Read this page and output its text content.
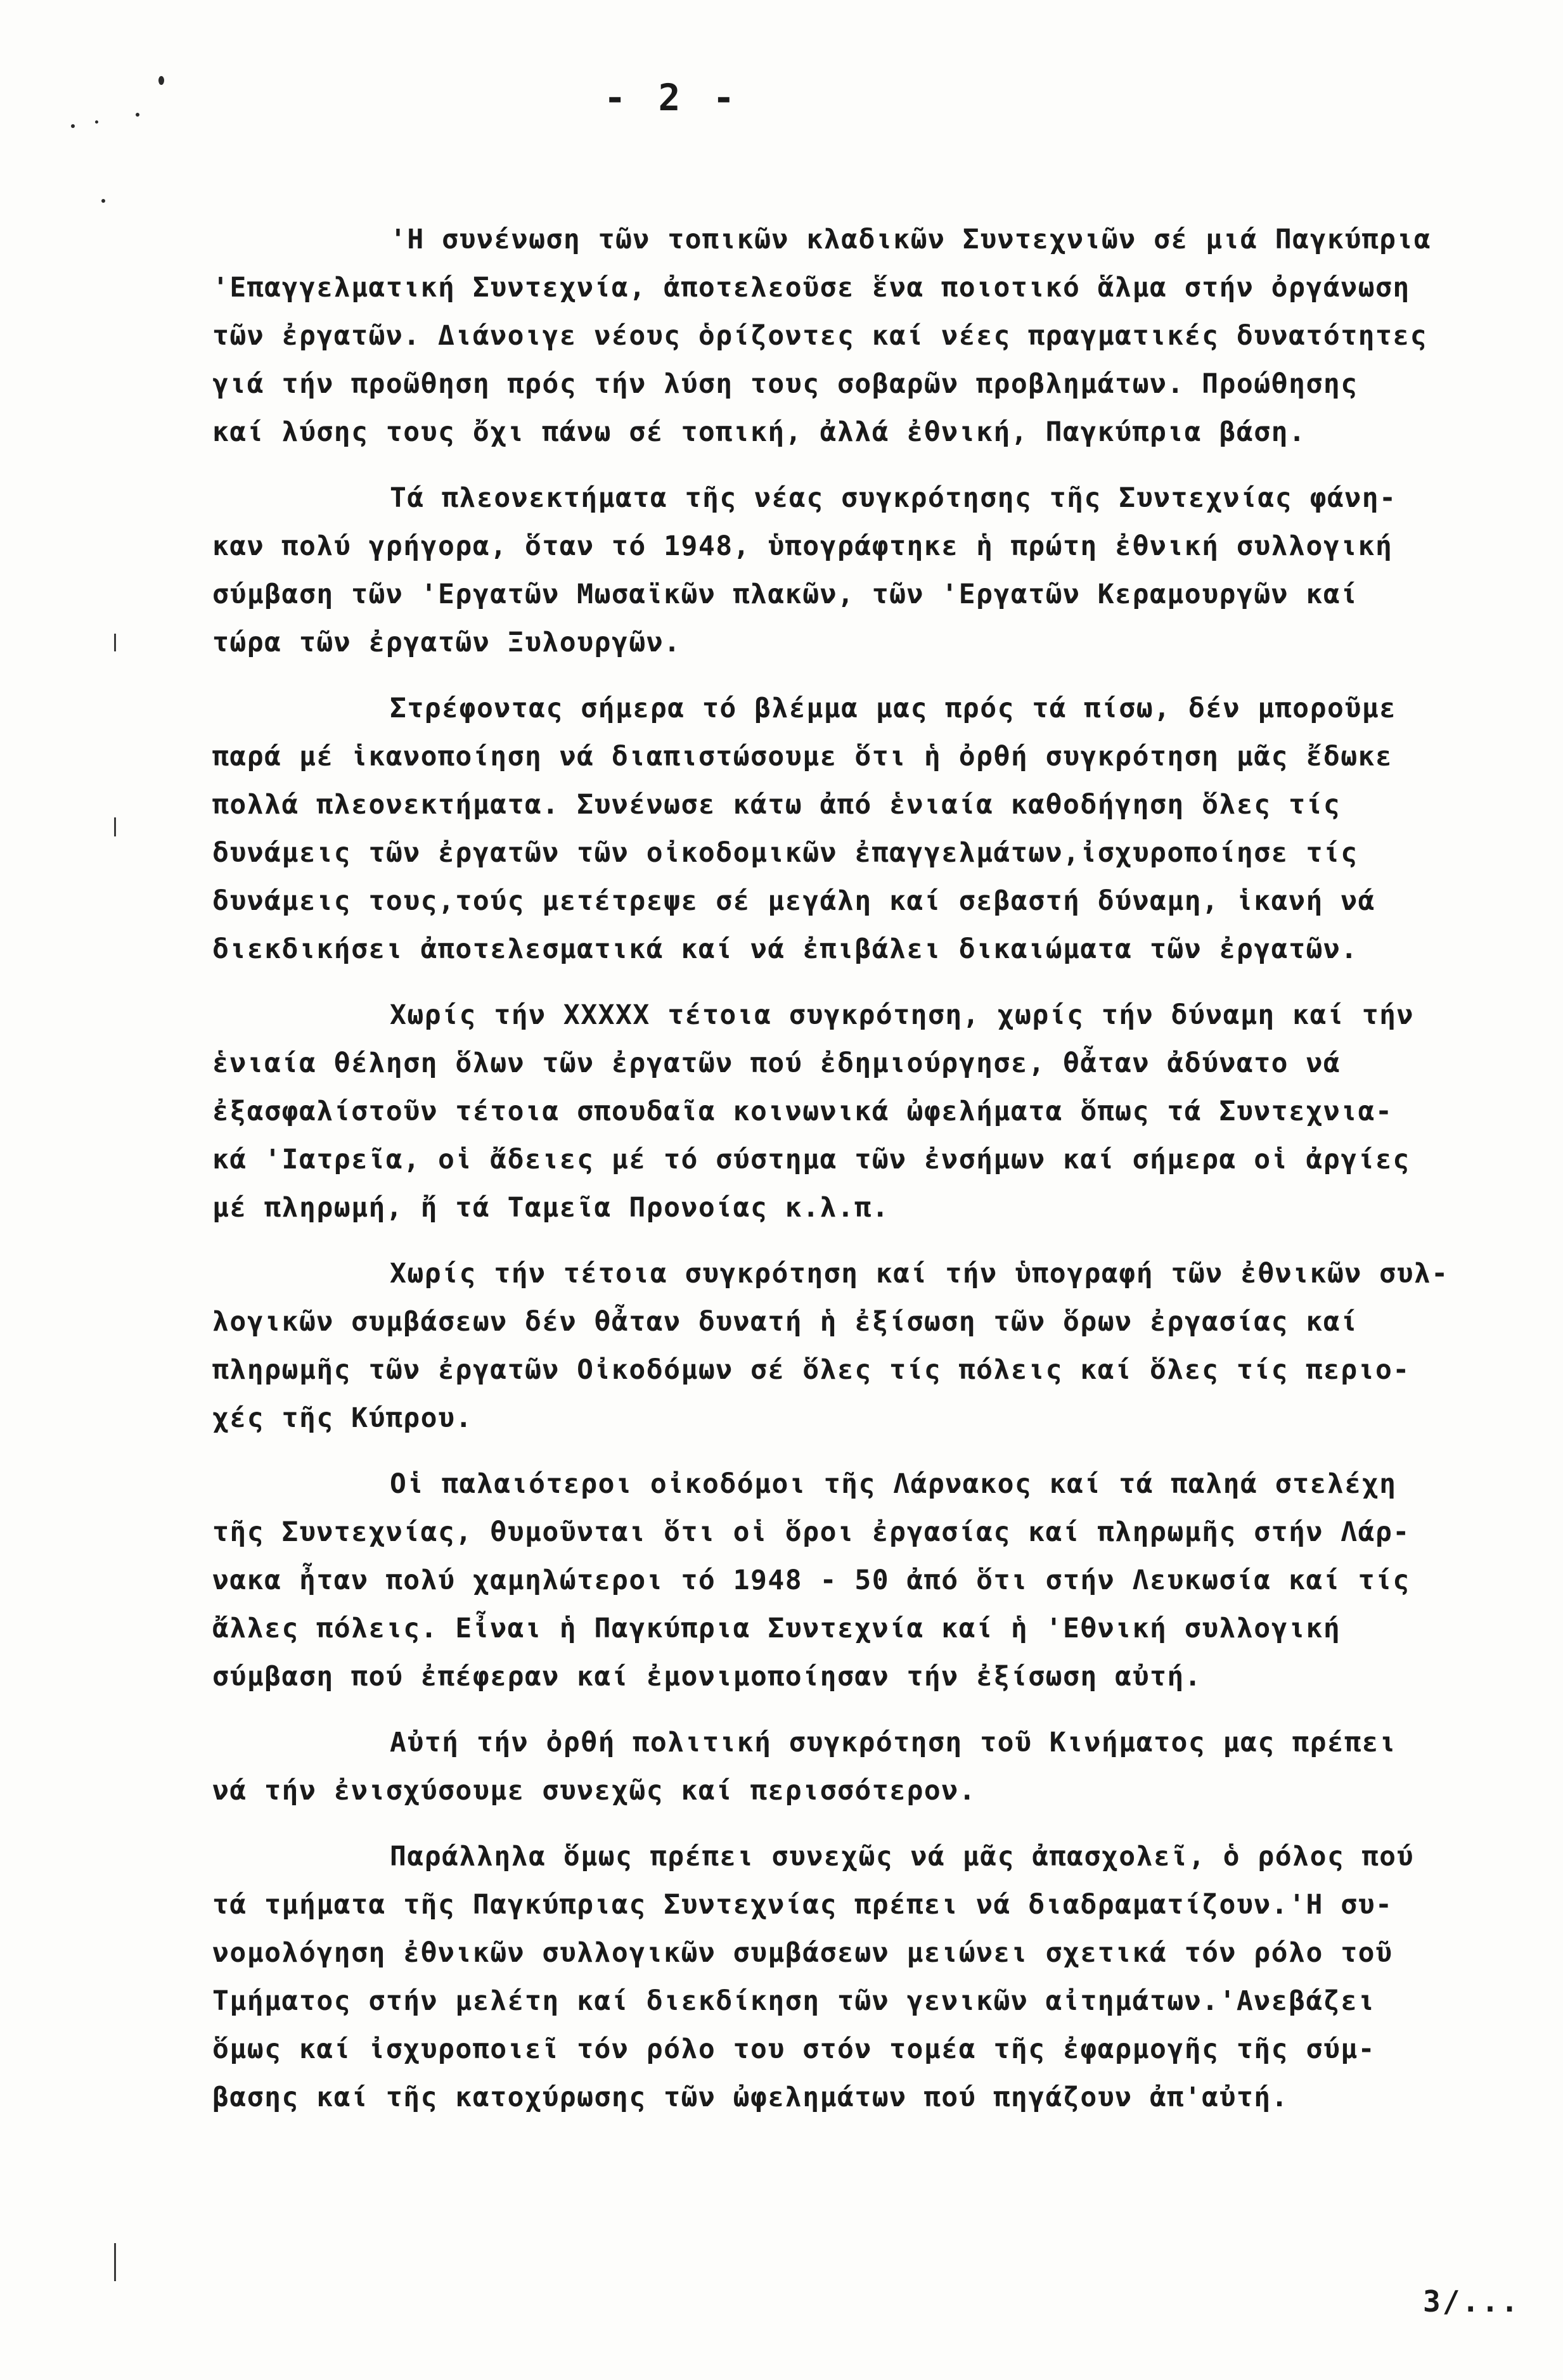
- 2 -
'Η συνένωση τῶν τοπικῶν κλαδικῶν Συντεχνιῶν σέ μιά Παγκύπρια
'Επαγγελματική Συντεχνία, ἀποτελεοῦσε ἕνα ποιοτικό ἅλμα στήν ὀργάνωση
τῶν ἐργατῶν. Διάνοιγε νέους ὁρίζοντες καί νέες πραγματικές δυνατότητες
γιά τήν προῶθηση πρός τήν λύση τους σοβαρῶν προβλημάτων. Προώθησης
καί λύσης τους ὄχι πάνω σέ τοπική, ἀλλά ἐθνική, Παγκύπρια βάση.
Τά πλεονεκτήματα τῆς νέας συγκρότησης τῆς Συντεχνίας φάνη-
καν πολύ γρήγορα, ὅταν τό 1948, ὑπογράφτηκε ἡ πρώτη ἐθνική συλλογική
σύμβαση τῶν 'Εργατῶν Μωσαϊκῶν πλακῶν, τῶν 'Εργατῶν Κεραμουργῶν καί
τώρα τῶν ἐργατῶν Ξυλουργῶν.
Στρέφοντας σήμερα τό βλέμμα μας πρός τά πίσω, δέν μποροῦμε
παρά μέ ἱκανοποίηση νά διαπιστώσουμε ὅτι ἡ ὀρθή συγκρότηση μᾶς ἔδωκε
πολλά πλεονεκτήματα. Συνένωσε κάτω ἀπό ἑνιαία καθοδήγηση ὅλες τίς
δυνάμεις τῶν ἐργατῶν τῶν οἰκοδομικῶν ἐπαγγελμάτων,ἰσχυροποίησε τίς
δυνάμεις τους,τούς μετέτρεψε σέ μεγάλη καί σεβαστή δύναμη, ἱκανή νά
διεκδικήσει ἀποτελεσματικά καί νά ἐπιβάλει δικαιώματα τῶν ἐργατῶν.
Χωρίς τήν XXXXX τέτοια συγκρότηση, χωρίς τήν δύναμη καί τήν
ἑνιαία θέληση ὅλων τῶν ἐργατῶν πού ἐδημιούργησε, θἆταν ἀδύνατο νά
ἐξασφαλίστοῦν τέτοια σπουδαῖα κοινωνικά ὠφελήματα ὅπως τά Συντεχνια-
κά 'Ιατρεῖα, οἱ ἄδειες μέ τό σύστημα τῶν ἐνσήμων καί σήμερα οἱ ἀργίες
μέ πληρωμή, ἤ τά Ταμεῖα Προνοίας κ.λ.π.
Χωρίς τήν τέτοια συγκρότηση καί τήν ὑπογραφή τῶν ἐθνικῶν συλ-
λογικῶν συμβάσεων δέν θἆταν δυνατή ἡ ἐξίσωση τῶν ὅρων ἐργασίας καί
πληρωμῆς τῶν ἐργατῶν Οἰκοδόμων σέ ὅλες τίς πόλεις καί ὅλες τίς περιο-
χές τῆς Κύπρου.
Οἱ παλαιότεροι οἰκοδόμοι τῆς Λάρνακος καί τά παληά στελέχη
τῆς Συντεχνίας, θυμοῦνται ὅτι οἱ ὅροι ἐργασίας καί πληρωμῆς στήν Λάρ-
νακα ἦταν πολύ χαμηλώτεροι τό 1948 - 50 ἀπό ὅτι στήν Λευκωσία καί τίς
ἄλλες πόλεις. Εἶναι ἡ Παγκύπρια Συντεχνία καί ἡ 'Εθνική συλλογική
σύμβαση πού ἐπέφεραν καί ἐμονιμοποίησαν τήν ἐξίσωση αὐτή.
Αὐτή τήν ὀρθή πολιτική συγκρότηση τοῦ Κινήματος μας πρέπει
νά τήν ἐνισχύσουμε συνεχῶς καί περισσότερον.
Παράλληλα ὅμως πρέπει συνεχῶς νά μᾶς ἀπασχολεῖ, ὁ ρόλος πού
τά τμήματα τῆς Παγκύπριας Συντεχνίας πρέπει νά διαδραματίζουν.'Η συ-
νομολόγηση ἐθνικῶν συλλογικῶν συμβάσεων μειώνει σχετικά τόν ρόλο τοῦ
Τμήματος στήν μελέτη καί διεκδίκηση τῶν γενικῶν αἰτημάτων.'Ανεβάζει
ὅμως καί ἰσχυροποιεῖ τόν ρόλο του στόν τομέα τῆς ἐφαρμογῆς τῆς σύμ-
βασης καί τῆς κατοχύρωσης τῶν ὠφελημάτων πού πηγάζουν ἀπ'αὐτή.
3/...
